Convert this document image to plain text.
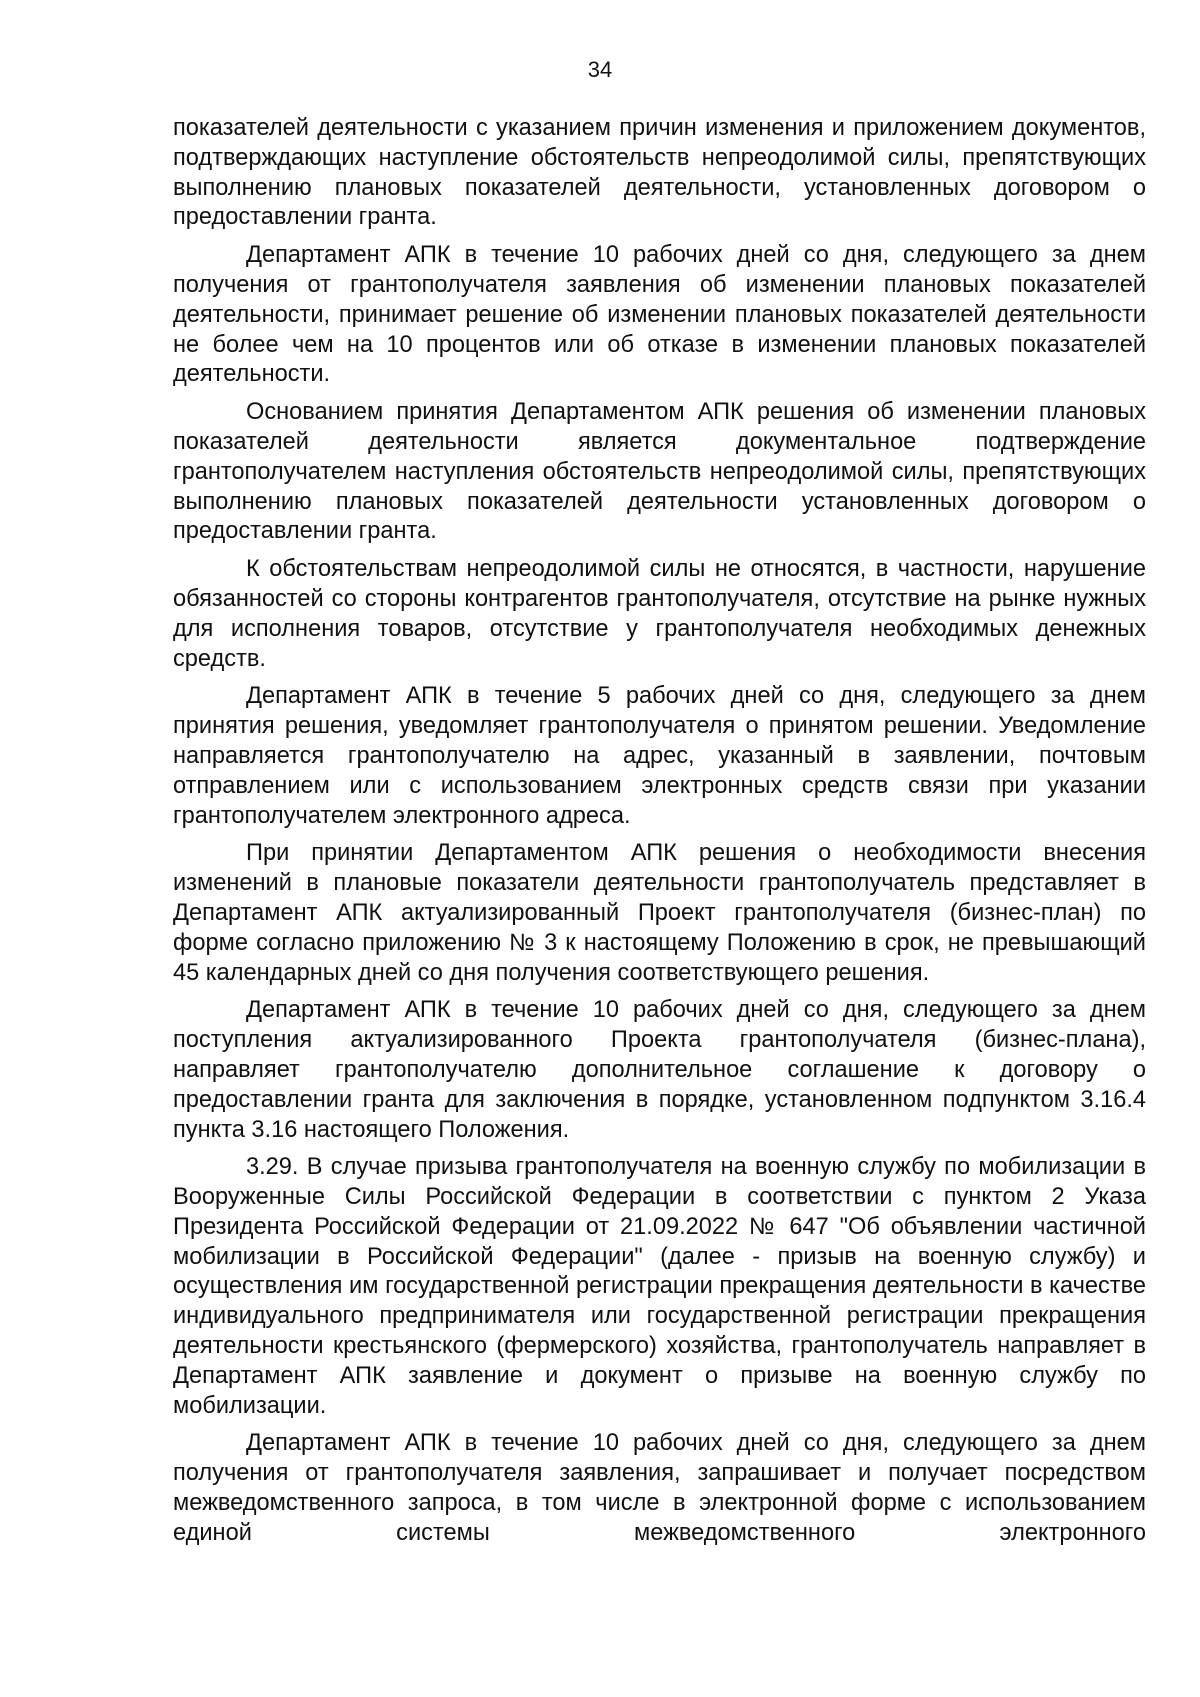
34

показателей деятельности с указанием причин изменения и приложением документов, подтверждающих наступление обстоятельств непреодолимой силы, препятствующих выполнению плановых показателей деятельности, установленных договором о предоставлении гранта.

Департамент АПК в течение 10 рабочих дней со дня, следующего за днем получения от грантополучателя заявления об изменении плановых показателей деятельности, принимает решение об изменении плановых показателей деятельности не более чем на 10 процентов или об отказе в изменении плановых показателей деятельности.

Основанием принятия Департаментом АПК решения об изменении плановых показателей деятельности является документальное подтверждение грантополучателем наступления обстоятельств непреодолимой силы, препятствующих выполнению плановых показателей деятельности установленных договором о предоставлении гранта.

К обстоятельствам непреодолимой силы не относятся, в частности, нарушение обязанностей со стороны контрагентов грантополучателя, отсутствие на рынке нужных для исполнения товаров, отсутствие у грантополучателя необходимых денежных средств.

Департамент АПК в течение 5 рабочих дней со дня, следующего за днем принятия решения, уведомляет грантополучателя о принятом решении. Уведомление направляется грантополучателю на адрес, указанный в заявлении, почтовым отправлением или с использованием электронных средств связи при указании грантополучателем электронного адреса.

При принятии Департаментом АПК решения о необходимости внесения изменений в плановые показатели деятельности грантополучатель представляет в Департамент АПК актуализированный Проект грантополучателя (бизнес-план) по форме согласно приложению № 3 к настоящему Положению в срок, не превышающий 45 календарных дней со дня получения соответствующего решения.

Департамент АПК в течение 10 рабочих дней со дня, следующего за днем поступления актуализированного Проекта грантополучателя (бизнес-плана), направляет грантополучателю дополнительное соглашение к договору о предоставлении гранта для заключения в порядке, установленном подпунктом 3.16.4 пункта 3.16 настоящего Положения.

3.29. В случае призыва грантополучателя на военную службу по мобилизации в Вооруженные Силы Российской Федерации в соответствии с пунктом 2 Указа Президента Российской Федерации от 21.09.2022 № 647 "Об объявлении частичной мобилизации в Российской Федерации" (далее - призыв на военную службу) и осуществления им государственной регистрации прекращения деятельности в качестве индивидуального предпринимателя или государственной регистрации прекращения деятельности крестьянского (фермерского) хозяйства, грантополучатель направляет в Департамент АПК заявление и документ о призыве на военную службу по мобилизации.

Департамент АПК в течение 10 рабочих дней со дня, следующего за днем получения от грантополучателя заявления, запрашивает и получает посредством межведомственного запроса, в том числе в электронной форме с использованием единой системы межведомственного электронного
